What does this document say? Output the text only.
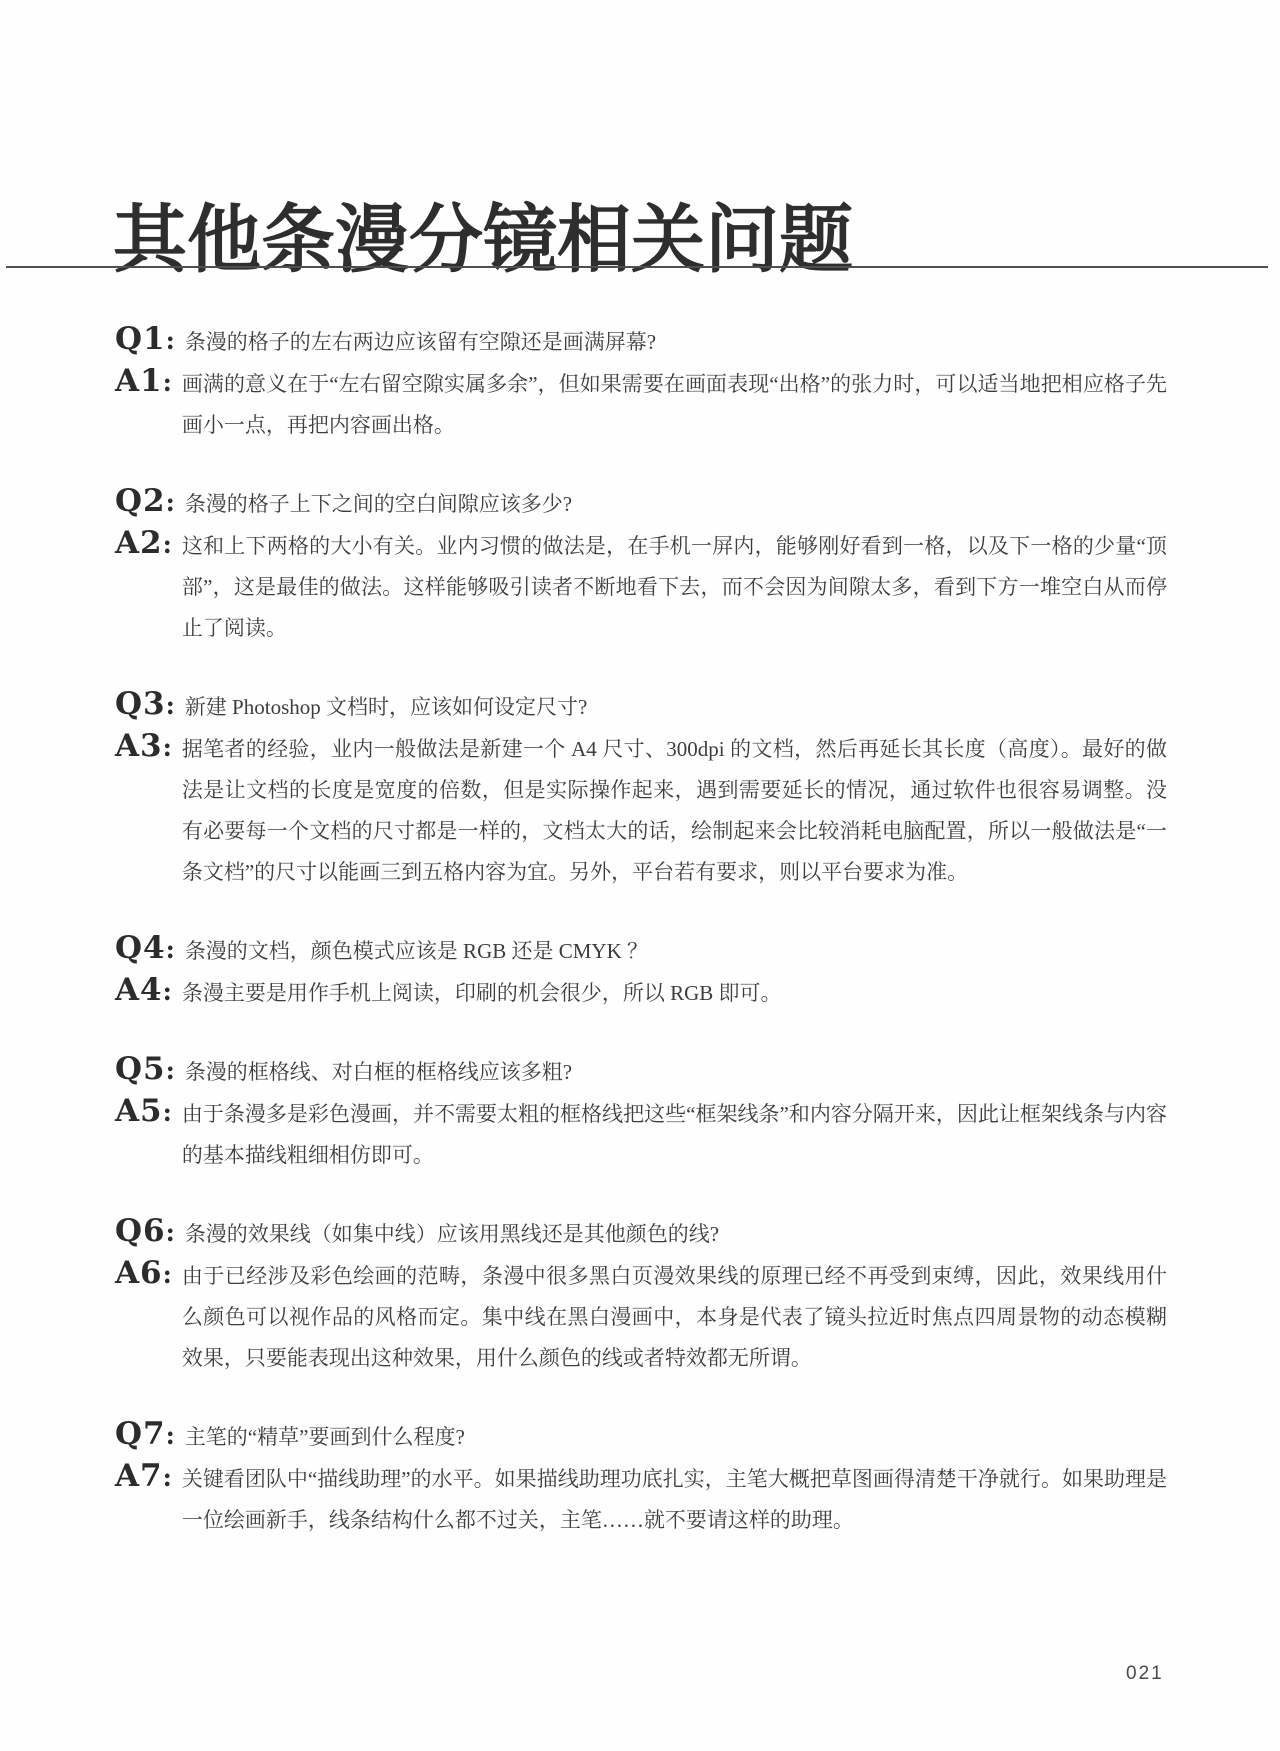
其他条漫分镜相关问题
Q1 : 条漫的格子的左右两边应该留有空隙还是画满屏幕?
A1 : 画满的意义在于“左右留空隙实属多余”，但如果需要在画面表现“出格”的张力时，可以适当地把相应格子先画小一点，再把内容画出格。
Q2 : 条漫的格子上下之间的空白间隙应该多少?
A2 : 这和上下两格的大小有关。业内习惯的做法是，在手机一屏内，能够刚好看到一格，以及下一格的少量“顶部”，这是最佳的做法。这样能够吸引读者不断地看下去，而不会因为间隙太多，看到下方一堆空白从而停止了阅读。
Q3 : 新建 Photoshop 文档时，应该如何设定尺寸?
A3 : 据笔者的经验，业内一般做法是新建一个 A4 尺寸、300dpi 的文档，然后再延长其长度（高度）。最好的做法是让文档的长度是宽度的倍数，但是实际操作起来，遇到需要延长的情况，通过软件也很容易调整。没有必要每一个文档的尺寸都是一样的，文档太大的话，绘制起来会比较消耗电脑配置，所以一般做法是“一条文档”的尺寸以能画三到五格内容为宜。另外，平台若有要求，则以平台要求为准。
Q4 : 条漫的文档，颜色模式应该是 RGB 还是 CMYK ？
A4 : 条漫主要是用作手机上阅读，印刷的机会很少，所以 RGB 即可。
Q5 : 条漫的框格线、对白框的框格线应该多粗?
A5 : 由于条漫多是彩色漫画，并不需要太粗的框格线把这些“框架线条”和内容分隔开来，因此让框架线条与内容的基本描线粗细相仿即可。
Q6 : 条漫的效果线（如集中线）应该用黑线还是其他颜色的线?
A6 : 由于已经涉及彩色绘画的范畴，条漫中很多黑白页漫效果线的原理已经不再受到束缚，因此，效果线用什么颜色可以视作品的风格而定。集中线在黑白漫画中，本身是代表了镜头拉近时焦点四周景物的动态模糊效果，只要能表现出这种效果，用什么颜色的线或者特效都无所谓。
Q7 : 主笔的“精草”要画到什么程度?
A7 : 关键看团队中“描线助理”的水平。如果描线助理功底扎实，主笔大概把草图画得清楚干净就行。如果助理是一位绘画新手，线条结构什么都不过关，主笔……就不要请这样的助理。
021
